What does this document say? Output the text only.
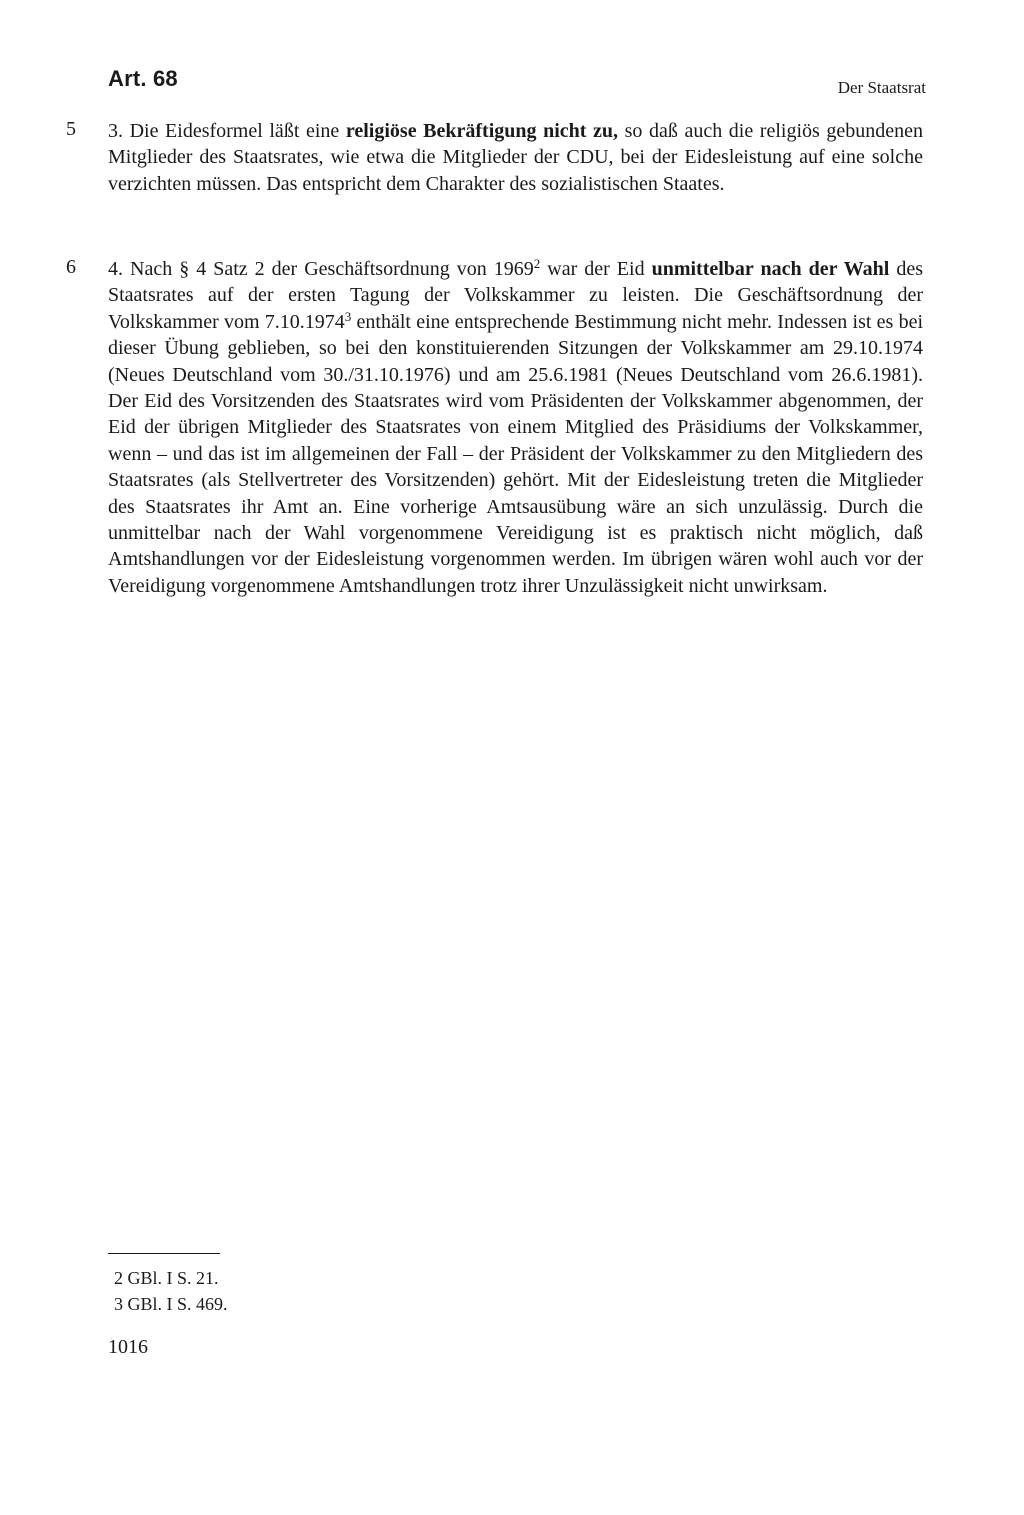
Art. 68	Der Staatsrat
5 3. Die Eidesformel läßt eine religiöse Bekräftigung nicht zu, so daß auch die religiös gebundenen Mitglieder des Staatsrates, wie etwa die Mitglieder der CDU, bei der Eidesleistung auf eine solche verzichten müssen. Das entspricht dem Charakter des sozialistischen Staates.

6 4. Nach § 4 Satz 2 der Geschäftsordnung von 1969$^2$ war der Eid unmittelbar nach der Wahl des Staatsrates auf der ersten Tagung der Volkskammer zu leisten. Die Geschäftsordnung der Volkskammer vom 7.10.1974$^3$ enthält eine entsprechende Bestimmung nicht mehr. Indessen ist es bei dieser Übung geblieben, so bei den konstituierenden Sitzungen der Volkskammer am 29.10.1974 (Neues Deutschland vom 30./31.10.1976) und am 25.6.1981 (Neues Deutschland vom 26.6.1981). Der Eid des Vorsitzenden des Staatsrates wird vom Präsidenten der Volkskammer abgenommen, der Eid der übrigen Mitglieder des Staatsrates von einem Mitglied des Präsidiums der Volkskammer, wenn – und das ist im allgemeinen der Fall – der Präsident der Volkskammer zu den Mitgliedern des Staatsrates (als Stellvertreter des Vorsitzenden) gehört. Mit der Eidesleistung treten die Mitglieder des Staatsrates ihr Amt an. Eine vorherige Amtsausübung wäre an sich unzulässig. Durch die unmittelbar nach der Wahl vorgenommene Vereidigung ist es praktisch nicht möglich, daß Amtshandlungen vor der Eidesleistung vorgenommen werden. Im übrigen wären wohl auch vor der Vereidigung vorgenommene Amtshandlungen trotz ihrer Unzulässigkeit nicht unwirksam.

2 GBl. I S. 21.
3 GBl. I S. 469.
1016
